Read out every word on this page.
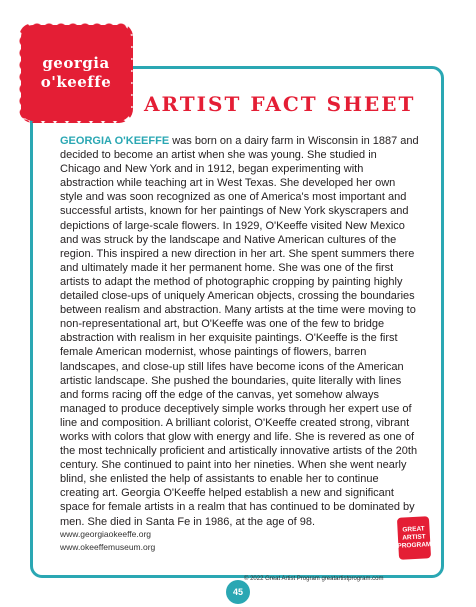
georgia
o'keeffe
ARTIST FACT SHEET

GEORGIA O'KEEFFE was born on a dairy farm in Wisconsin in 1887 and decided to become an artist when she was young. She studied in Chicago and New York and in 1912, began experimenting with abstraction while teaching art in West Texas. She developed her own style and was soon recognized as one of America's most important and successful artists, known for her paintings of New York skyscrapers and depictions of large-scale flowers. In 1929, O'Keeffe visited New Mexico and was struck by the landscape and Native American cultures of the region. This inspired a new direction in her art. She spent summers there and ultimately made it her permanent home. She was one of the first artists to adapt the method of photographic cropping by painting highly detailed close-ups of uniquely American objects, crossing the boundaries between realism and abstraction. Many artists at the time were moving to non-representational art, but O'Keeffe was one of the few to bridge abstraction with realism in her exquisite paintings. O'Keeffe is the first female American modernist, whose paintings of flowers, barren landscapes, and close-up still lifes have become icons of the American artistic landscape. She pushed the boundaries, quite literally with lines and forms racing off the edge of the canvas, yet somehow always managed to produce deceptively simple works through her expert use of line and composition. A brilliant colorist, O'Keeffe created strong, vibrant works with colors that glow with energy and life. She is revered as one of the most technically proficient and artistically innovative artists of the 20th century. She continued to paint into her nineties. When she went nearly blind, she enlisted the help of assistants to enable her to continue creating art. Georgia O'Keeffe helped establish a new and significant space for female artists in a realm that has continued to be dominated by men. She died in Santa Fe in 1986, at the age of 98.

www.georgiaokeeffe.org
www.okeeffemuseum.org
GREAT
ARTIST
PROGRAM
© 2022 Great Artist Program greatartistprogram.com
45
